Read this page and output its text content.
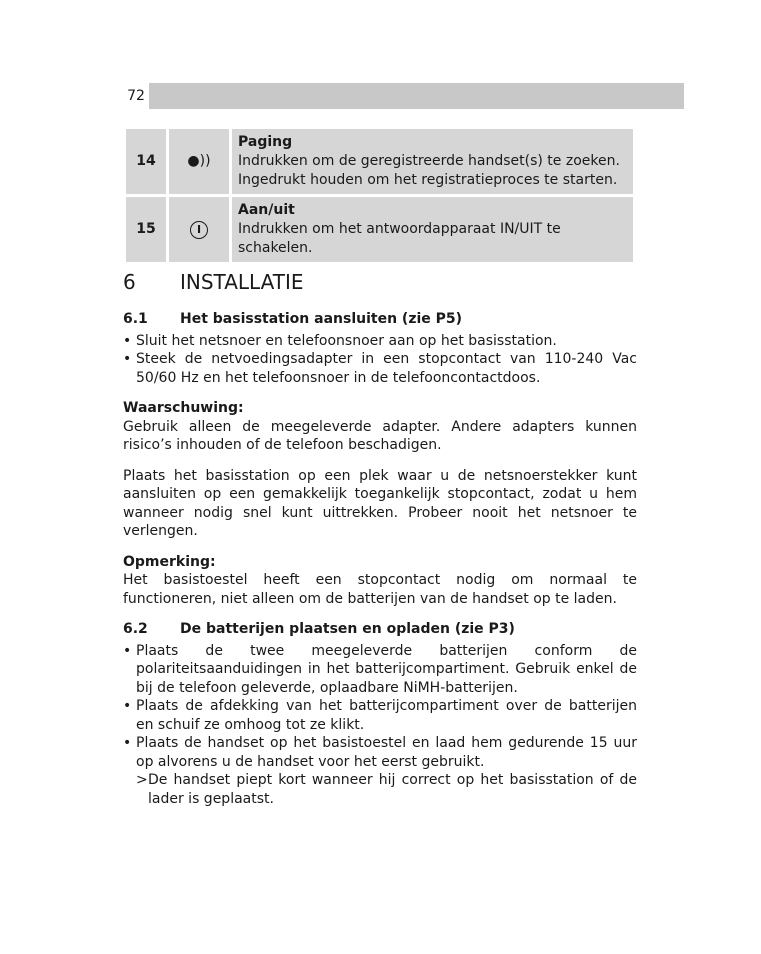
72
14	●))	Paging
Indrukken om de geregistreerde handset(s) te zoeken. Ingedrukt houden om het registratieproces te starten.

15	I	Aan/uit
Indrukken om het antwoordapparaat IN/UIT te schakelen.
6 INSTALLATIE
6.1 Het basisstation aansluiten (zie P5)
• Sluit het netsnoer en telefoonsnoer aan op het basisstation.
• Steek de netvoedingsadapter in een stopcontact van 110-240 Vac 50/60 Hz en het telefoonsnoer in de telefooncontactdoos.

Waarschuwing:

Gebruik alleen de meegeleverde adapter. Andere adapters kunnen risico’s inhouden of de telefoon beschadigen.

Plaats het basisstation op een plek waar u de netsnoerstekker kunt aansluiten op een gemakkelijk toegankelijk stopcontact, zodat u hem wanneer nodig snel kunt uittrekken. Probeer nooit het netsnoer te verlengen.

Opmerking:

Het basistoestel heeft een stopcontact nodig om normaal te functioneren, niet alleen om de batterijen van de handset op te laden.

6.2 De batterijen plaatsen en opladen (zie P3)
• Plaats de twee meegeleverde batterijen conform de polariteitsaanduidingen in het batterijcompartiment. Gebruik enkel de bij de telefoon geleverde, oplaadbare NiMH-batterijen.
• Plaats de afdekking van het batterijcompartiment over de batterijen en schuif ze omhoog tot ze klikt.
• Plaats de handset op het basistoestel en laad hem gedurende 15 uur op alvorens u de handset voor het eerst gebruikt.
> De handset piept kort wanneer hij correct op het basisstation of de lader is geplaatst.
